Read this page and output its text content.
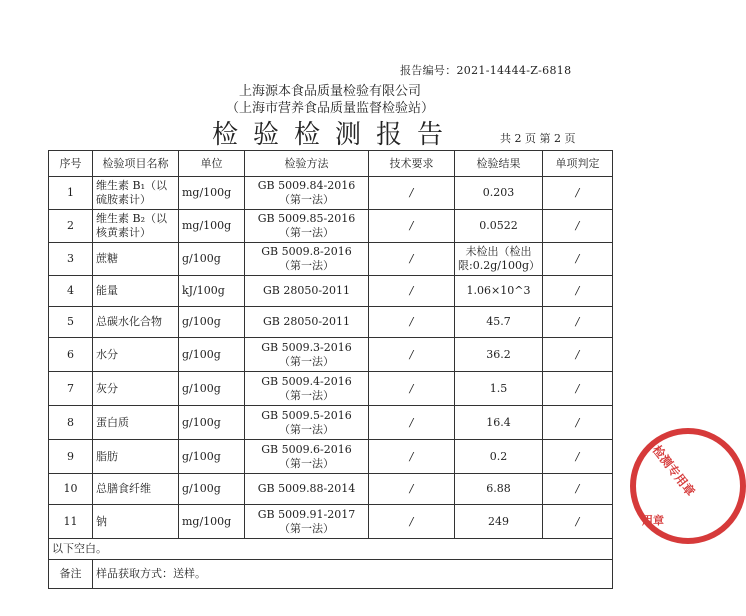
报告编号：2021-14444-Z-6818
上海源本食品质量检验有限公司
（上海市营养食品质量监督检验站）
检验检测报告	共 2 页 第 2 页
序号	检验项目名称	单位	检验方法	技术要求	检验结果	单项判定
1	维生素 B₁（以硫胺素计）	mg/100g	GB 5009.84-2016
（第一法）	/	0.203	/
2	维生素 B₂（以核黄素计）	mg/100g	GB 5009.85-2016
（第一法）	/	0.0522	/
3	蔗糖	g/100g	GB 5009.8-2016
（第一法）	/	未检出（检出限:0.2g/100g）	/
4	能量	kJ/100g	GB 28050-2011	/	1.06×10^3	/
5	总碳水化合物	g/100g	GB 28050-2011	/	45.7	/
6	水分	g/100g	GB 5009.3-2016
（第一法）	/	36.2	/
7	灰分	g/100g	GB 5009.4-2016
（第一法）	/	1.5	/
8	蛋白质	g/100g	GB 5009.5-2016
（第一法）	/	16.4	/
9	脂肪	g/100g	GB 5009.6-2016
（第一法）	/	0.2	/
10	总膳食纤维	g/100g	GB 5009.88-2014	/	6.88	/
11	钠	mg/100g	GB 5009.91-2017
（第一法）	/	249	/
以下空白。						
备注	样品获取方式：送样。					
检测专用章
用章
